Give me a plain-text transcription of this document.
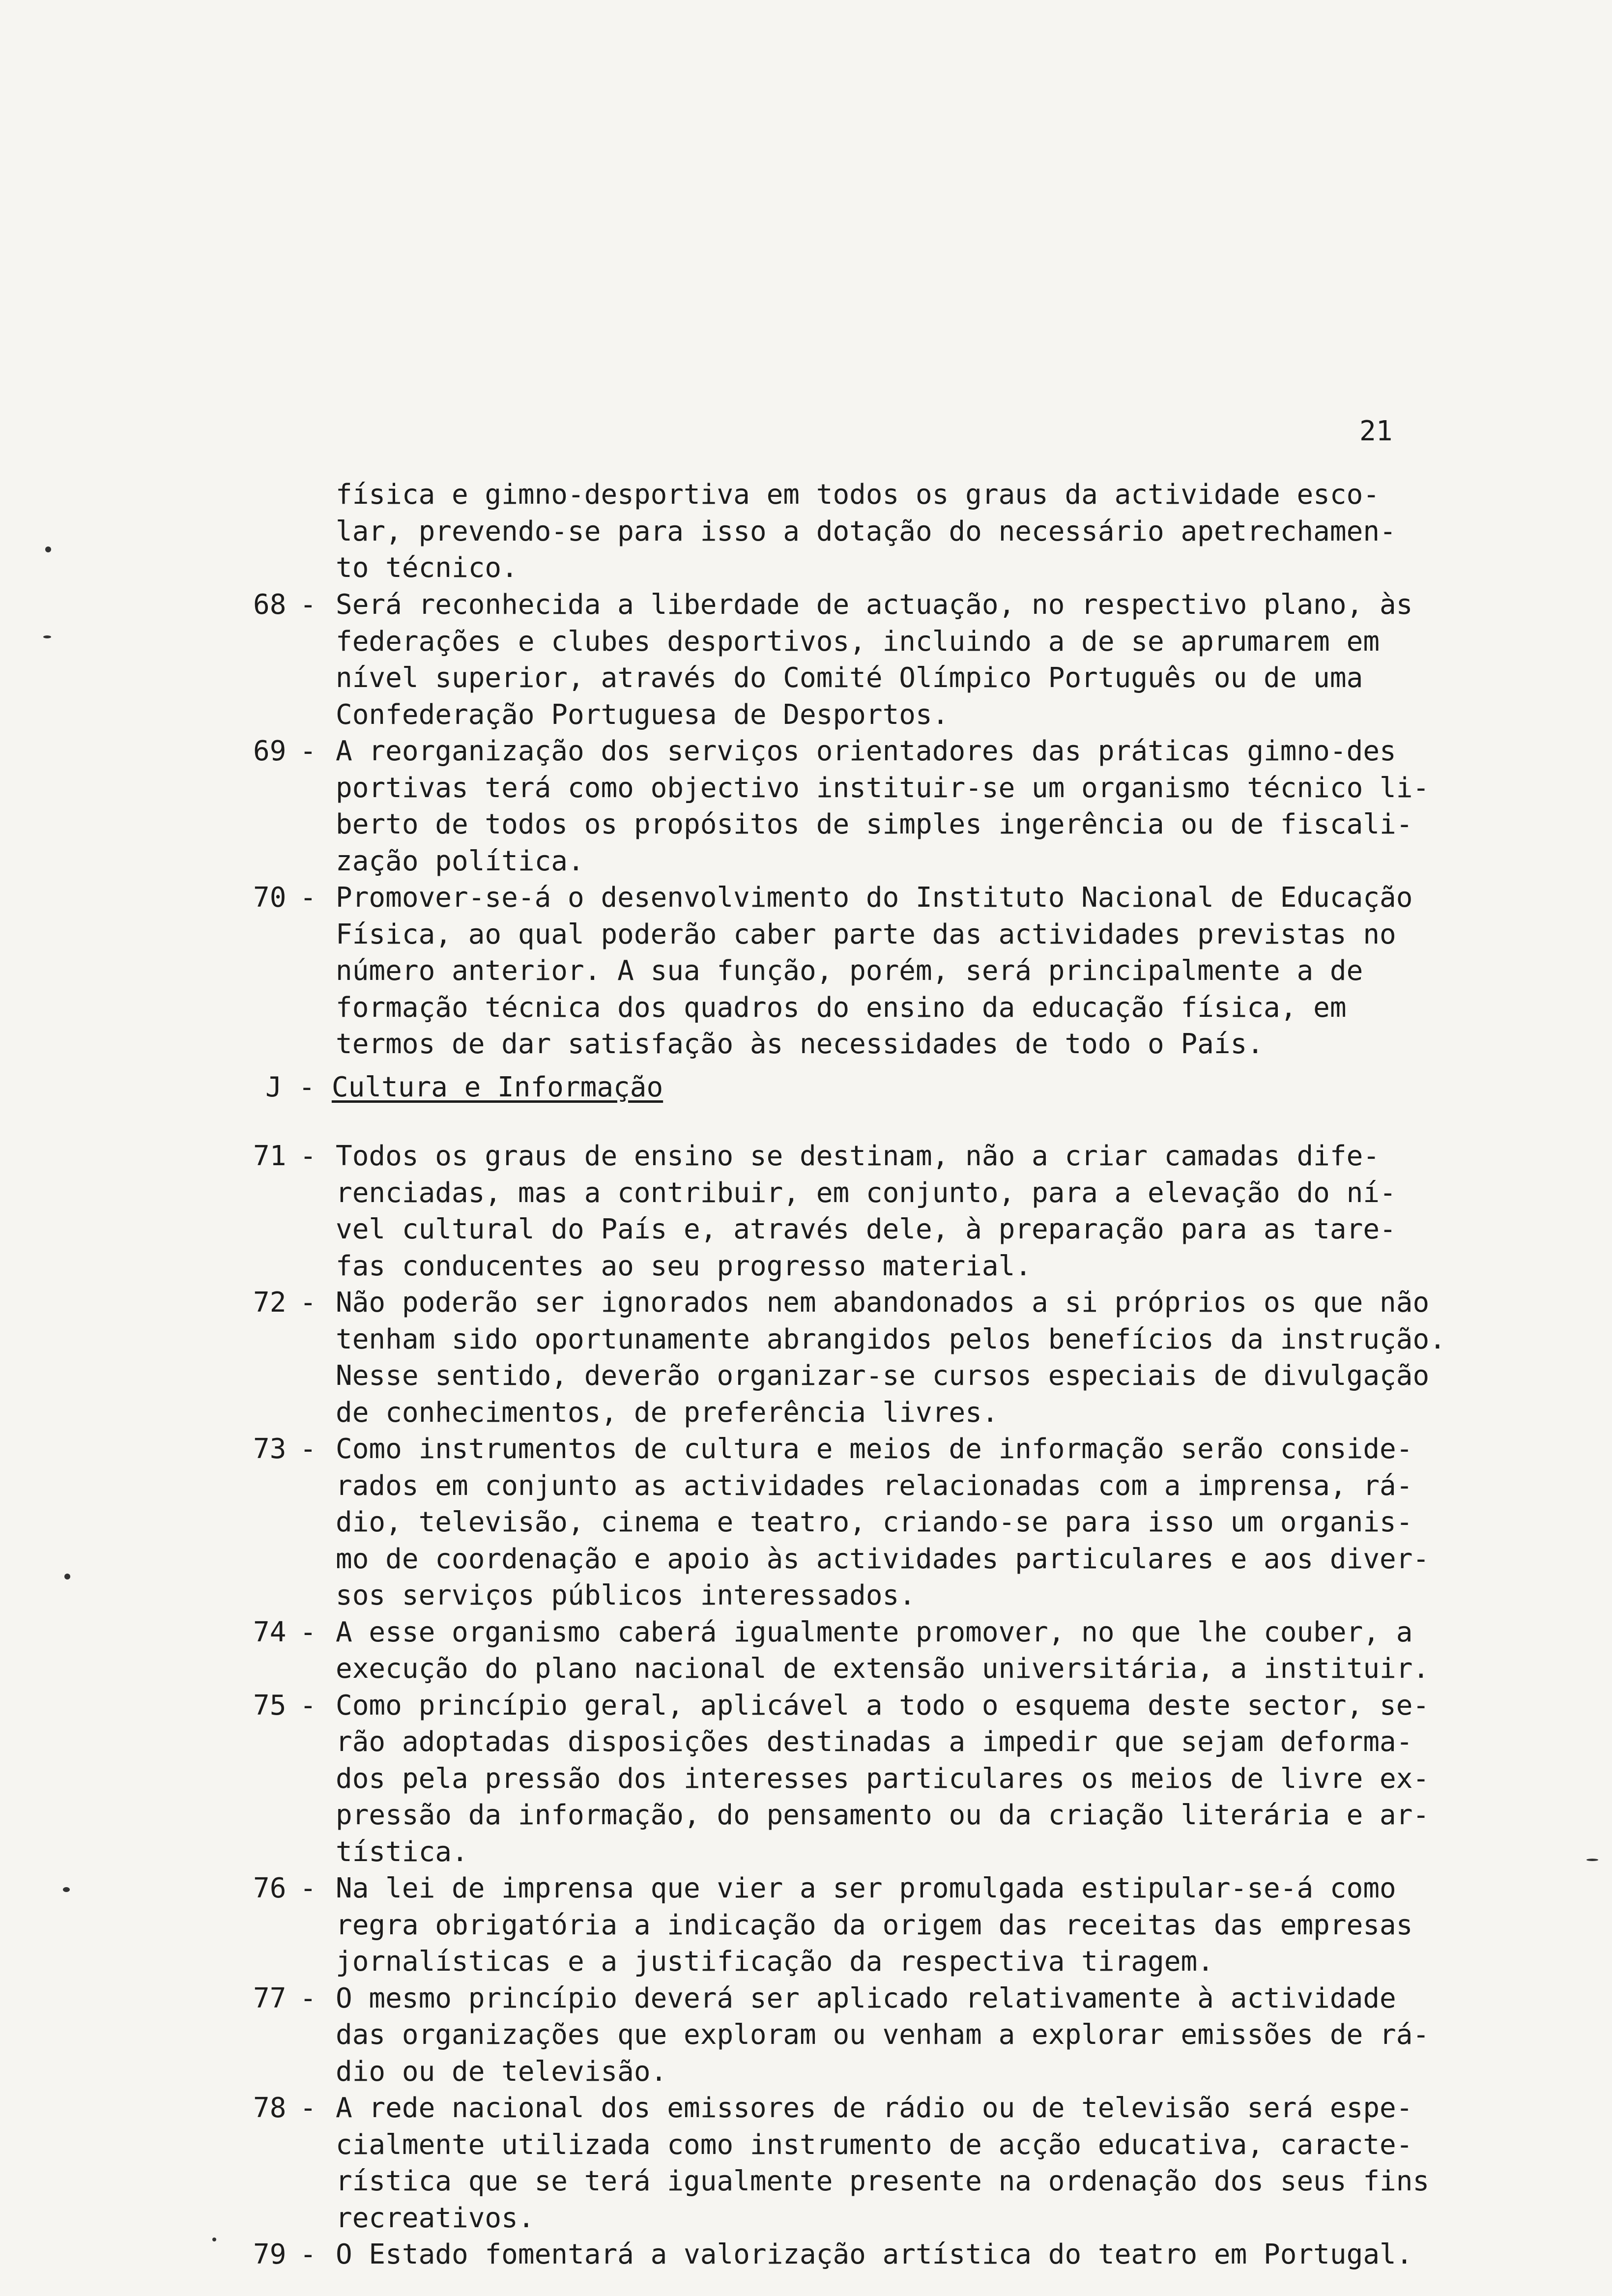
21
física e gimno-desportiva em todos os graus da actividade esco-
lar, prevendo-se para isso a dotação do necessário apetrechamen-
to técnico.
68 - Será reconhecida a liberdade de actuação, no respectivo plano, às
federações e clubes desportivos, incluindo a de se aprumarem em
nível superior, através do Comité Olímpico Português ou de uma
Confederação Portuguesa de Desportos.
69 - A reorganização dos serviços orientadores das práticas gimno-des
portivas terá como objectivo instituir-se um organismo técnico li-
berto de todos os propósitos de simples ingerência ou de fiscali-
zação política.
70 - Promover-se-á o desenvolvimento do Instituto Nacional de Educação
Física, ao qual poderão caber parte das actividades previstas no
número anterior. A sua função, porém, será principalmente a de
formação técnica dos quadros do ensino da educação física, em
termos de dar satisfação às necessidades de todo o País.
J - Cultura e Informação
71 - Todos os graus de ensino se destinam, não a criar camadas dife-
renciadas, mas a contribuir, em conjunto, para a elevação do ní-
vel cultural do País e, através dele, à preparação para as tare-
fas conducentes ao seu progresso material.
72 - Não poderão ser ignorados nem abandonados a si próprios os que não
tenham sido oportunamente abrangidos pelos benefícios da instrução.
Nesse sentido, deverão organizar-se cursos especiais de divulgação
de conhecimentos, de preferência livres.
73 - Como instrumentos de cultura e meios de informação serão conside-
rados em conjunto as actividades relacionadas com a imprensa, rá-
dio, televisão, cinema e teatro, criando-se para isso um organis-
mo de coordenação e apoio às actividades particulares e aos diver-
sos serviços públicos interessados.
74 - A esse organismo caberá igualmente promover, no que lhe couber, a
execução do plano nacional de extensão universitária, a instituir.
75 - Como princípio geral, aplicável a todo o esquema deste sector, se-
rão adoptadas disposições destinadas a impedir que sejam deforma-
dos pela pressão dos interesses particulares os meios de livre ex-
pressão da informação, do pensamento ou da criação literária e ar-
tística.
76 - Na lei de imprensa que vier a ser promulgada estipular-se-á como
regra obrigatória a indicação da origem das receitas das empresas
jornalísticas e a justificação da respectiva tiragem.
77 - O mesmo princípio deverá ser aplicado relativamente à actividade
das organizações que exploram ou venham a explorar emissões de rá-
dio ou de televisão.
78 - A rede nacional dos emissores de rádio ou de televisão será espe-
cialmente utilizada como instrumento de acção educativa, caracte-
rística que se terá igualmente presente na ordenação dos seus fins
recreativos.
79 - O Estado fomentará a valorização artística do teatro em Portugal.
